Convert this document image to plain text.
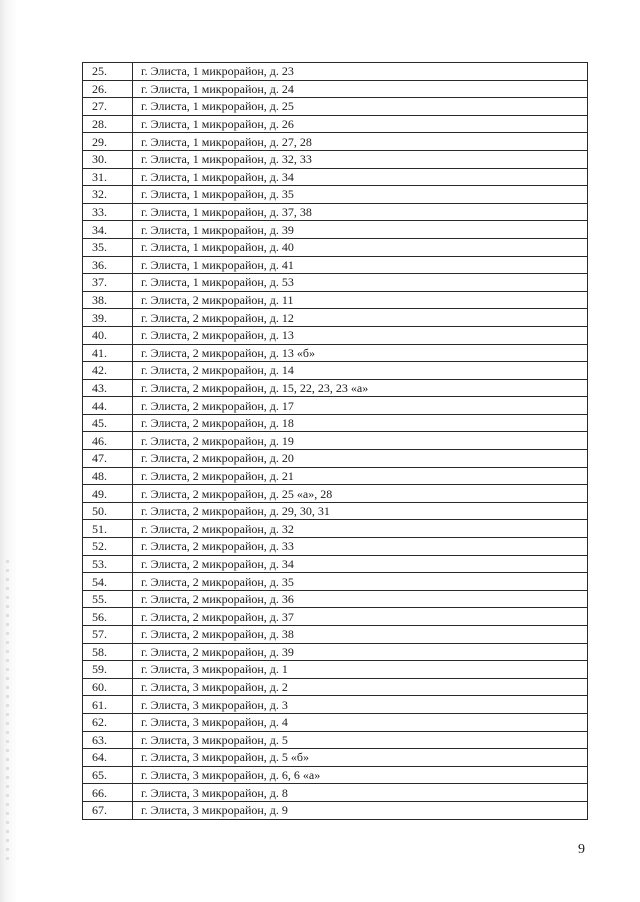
25.	г. Элиста, 1 микрорайон, д. 23
26.	г. Элиста, 1 микрорайон, д. 24
27.	г. Элиста, 1 микрорайон, д. 25
28.	г. Элиста, 1 микрорайон, д. 26
29.	г. Элиста, 1 микрорайон, д. 27, 28
30.	г. Элиста, 1 микрорайон, д. 32, 33
31.	г. Элиста, 1 микрорайон, д. 34
32.	г. Элиста, 1 микрорайон, д. 35
33.	г. Элиста, 1 микрорайон, д. 37, 38
34.	г. Элиста, 1 микрорайон, д. 39
35.	г. Элиста, 1 микрорайон, д. 40
36.	г. Элиста, 1 микрорайон, д. 41
37.	г. Элиста, 1 микрорайон, д. 53
38.	г. Элиста, 2 микрорайон, д. 11
39.	г. Элиста, 2 микрорайон, д. 12
40.	г. Элиста, 2 микрорайон, д. 13
41.	г. Элиста, 2 микрорайон, д. 13 «б»
42.	г. Элиста, 2 микрорайон, д. 14
43.	г. Элиста, 2 микрорайон, д. 15, 22, 23, 23 «а»
44.	г. Элиста, 2 микрорайон, д. 17
45.	г. Элиста, 2 микрорайон, д. 18
46.	г. Элиста, 2 микрорайон, д. 19
47.	г. Элиста, 2 микрорайон, д. 20
48.	г. Элиста, 2 микрорайон, д. 21
49.	г. Элиста, 2 микрорайон, д. 25 «а», 28
50.	г. Элиста, 2 микрорайон, д. 29, 30, 31
51.	г. Элиста, 2 микрорайон, д. 32
52.	г. Элиста, 2 микрорайон, д. 33
53.	г. Элиста, 2 микрорайон, д. 34
54.	г. Элиста, 2 микрорайон, д. 35
55.	г. Элиста, 2 микрорайон, д. 36
56.	г. Элиста, 2 микрорайон, д. 37
57.	г. Элиста, 2 микрорайон, д. 38
58.	г. Элиста, 2 микрорайон, д. 39
59.	г. Элиста, 3 микрорайон, д. 1
60.	г. Элиста, 3 микрорайон, д. 2
61.	г. Элиста, 3 микрорайон, д. 3
62.	г. Элиста, 3 микрорайон, д. 4
63.	г. Элиста, 3 микрорайон, д. 5
64.	г. Элиста, 3 микрорайон, д. 5 «б»
65.	г. Элиста, 3 микрорайон, д. 6, 6 «а»
66.	г. Элиста, 3 микрорайон, д. 8
67.	г. Элиста, 3 микрорайон, д. 9
9
